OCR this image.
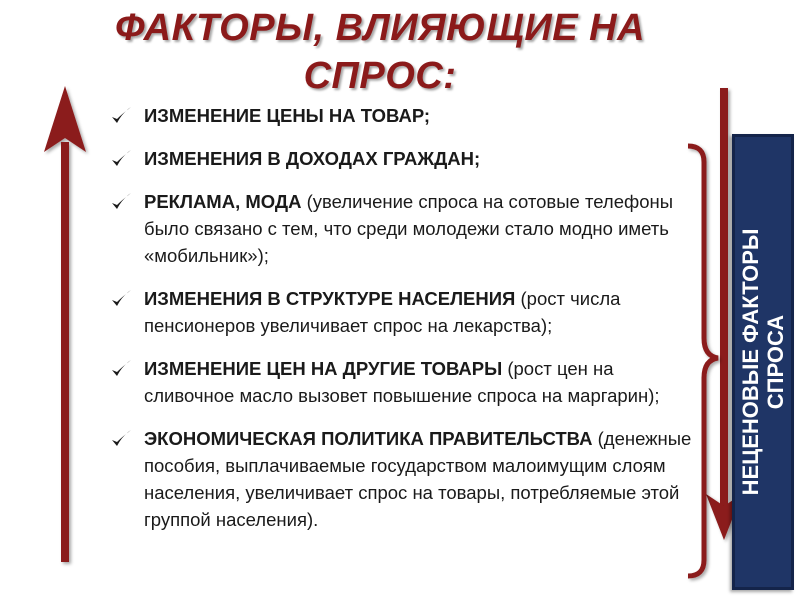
ФАКТОРЫ, ВЛИЯЮЩИЕ НА
СПРОС:
ИЗМЕНЕНИЕ ЦЕНЫ НА ТОВАР;
ИЗМЕНЕНИЯ В ДОХОДАХ ГРАЖДАН;
РЕКЛАМА, МОДА (увеличение спроса на сотовые телефоны было связано с тем, что среди молодежи стало модно иметь «мобильник»);
ИЗМЕНЕНИЯ В СТРУКТУРЕ НАСЕЛЕНИЯ (рост числа пенсионеров увеличивает спрос на лекарства);
ИЗМЕНЕНИЕ ЦЕН НА ДРУГИЕ ТОВАРЫ (рост цен на сливочное масло вызовет повышение спроса на маргарин);
ЭКОНОМИЧЕСКАЯ ПОЛИТИКА ПРАВИТЕЛЬСТВА (денежные пособия, выплачиваемые государством малоимущим слоям населения, увеличивает спрос на товары, потребляемые этой группой населения).
НЕЦЕНОВЫЕ ФАКТОРЫ СПРОСА
